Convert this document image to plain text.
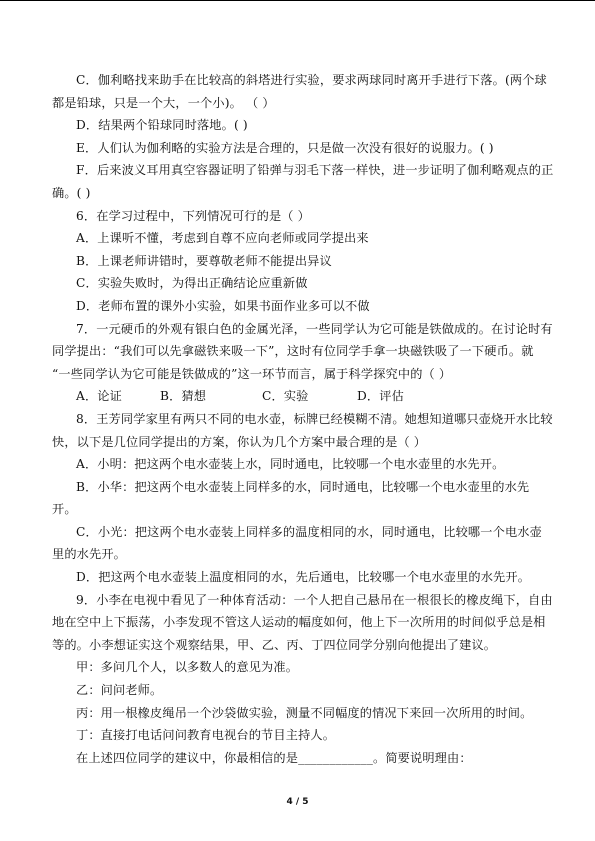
C．伽利略找来助手在比较高的斜塔进行实验，要求两球同时离开手进行下落。(两个球
都是铅球，只是一个大，一个小)。 （ ）
D．结果两个铅球同时落地。( )
E．人们认为伽利略的实验方法是合理的，只是做一次没有很好的说服力。( )
F．后来波义耳用真空容器证明了铅弹与羽毛下落一样快，进一步证明了伽利略观点的正
确。( )
6．在学习过程中，下列情况可行的是（ ）
A．上课听不懂，考虑到自尊不应向老师或同学提出来
B．上课老师讲错时，要尊敬老师不能提出异议
C．实验失败时，为得出正确结论应重新做
D．老师布置的课外小实验，如果书面作业多可以不做
7．一元硬币的外观有银白色的金属光泽，一些同学认为它可能是铁做成的。在讨论时有
同学提出：“我们可以先拿磁铁来吸一下”，这时有位同学手拿一块磁铁吸了一下硬币。就
“一些同学认为它可能是铁做成的”这一环节而言，属于科学探究中的（ ）
A．论证	B．猜想	C．实验	D．评估
8．王芳同学家里有两只不同的电水壶，标牌已经模糊不清。她想知道哪只壶烧开水比较
快，以下是几位同学提出的方案，你认为几个方案中最合理的是（ ）
A．小明：把这两个电水壶装上水，同时通电，比较哪一个电水壶里的水先开。
B．小华：把这两个电水壶装上同样多的水，同时通电，比较哪一个电水壶里的水先
开。
C．小光：把这两个电水壶装上同样多的温度相同的水，同时通电，比较哪一个电水壶
里的水先开。
D．把这两个电水壶装上温度相同的水，先后通电，比较哪一个电水壶里的水先开。
9．小李在电视中看见了一种体育活动：一个人把自己悬吊在一根很长的橡皮绳下，自由
地在空中上下振荡，小李发现不管这人运动的幅度如何，他上下一次所用的时间似乎总是相
等的。小李想证实这个观察结果，甲、乙、丙、丁四位同学分别向他提出了建议。
甲：多问几个人，以多数人的意见为准。
乙：问问老师。
丙：用一根橡皮绳吊一个沙袋做实验，测量不同幅度的情况下来回一次所用的时间。
丁：直接打电话问问教育电视台的节目主持人。
在上述四位同学的建议中，你最相信的是____________。简要说明理由：
4 / 5
